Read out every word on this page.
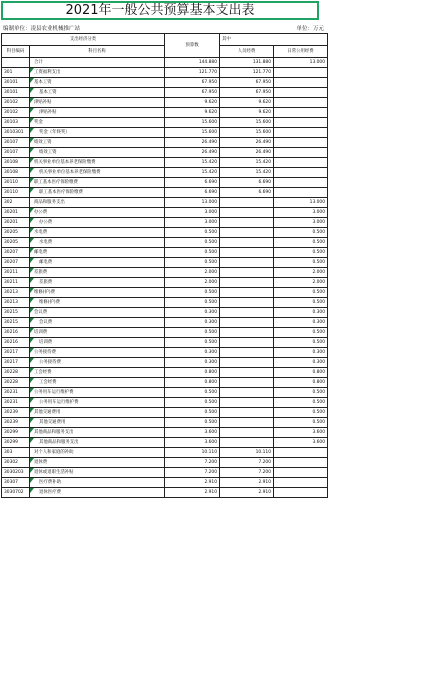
2021年一般公共预算基本支出表
编制单位：凌县农业机械推广站	单位：万元
支出经济分类		预算数	其中	
科目编码	科目名称		人员经费	日常公用经费
	合计	144.880	131.880	13.000
301	工资福利支出	121.770	121.770	
30101	基本工资	67.950	67.950	
30101	基本工资	67.950	67.950	
30102	津贴补贴	9.620	9.620	
30102	津贴补贴	9.620	9.620	
30103	奖金	15.600	15.600	
3010301	奖金（年终奖）	15.600	15.600	
30107	绩效工资	26.490	26.490	
30107	绩效工资	26.490	26.490	
30108	机关事业单位基本养老保险缴费	15.420	15.420	
30108	机关事业单位基本养老保险缴费	15.420	15.420	
30110	职工基本医疗保险缴费	6.690	6.690	
30110	职工基本医疗保险缴费	6.690	6.690	
302	商品和服务支出	13.000		13.000
30201	办公费	3.000		3.000
30201	办公费	3.000		3.000
30205	水电费	0.500		0.500
30205	水电费	0.500		0.500
30207	邮电费	0.500		0.500
30207	邮电费	0.500		0.500
30211	差旅费	2.000		2.000
30211	差旅费	2.000		2.000
30213	维修(护)费	0.500		0.500
30213	维修(护)费	0.500		0.500
30215	会议费	0.300		0.300
30215	会议费	0.300		0.300
30216	培训费	0.500		0.500
30216	培训费	0.500		0.500
30217	公务接待费	0.300		0.300
30217	公务接待费	0.300		0.300
30228	工会经费	0.800		0.800
30228	工会经费	0.800		0.800
30231	公务用车运行维护费	0.500		0.500
30231	公务用车运行维护费	0.500		0.500
30239	其他交通费用	0.500		0.500
30239	其他交通费用	0.500		0.500
30299	其他商品和服务支出	3.600		3.600
30299	其他商品和服务支出	3.600		3.600
303	对个人和家庭的补助	10.110	10.110	
30302	退休费	7.200	7.200	
3030203	退休或退职生活补贴	7.200	7.200	
30307	医疗费补助	2.910	2.910	
3030702	退休医疗费	2.910	2.910	
